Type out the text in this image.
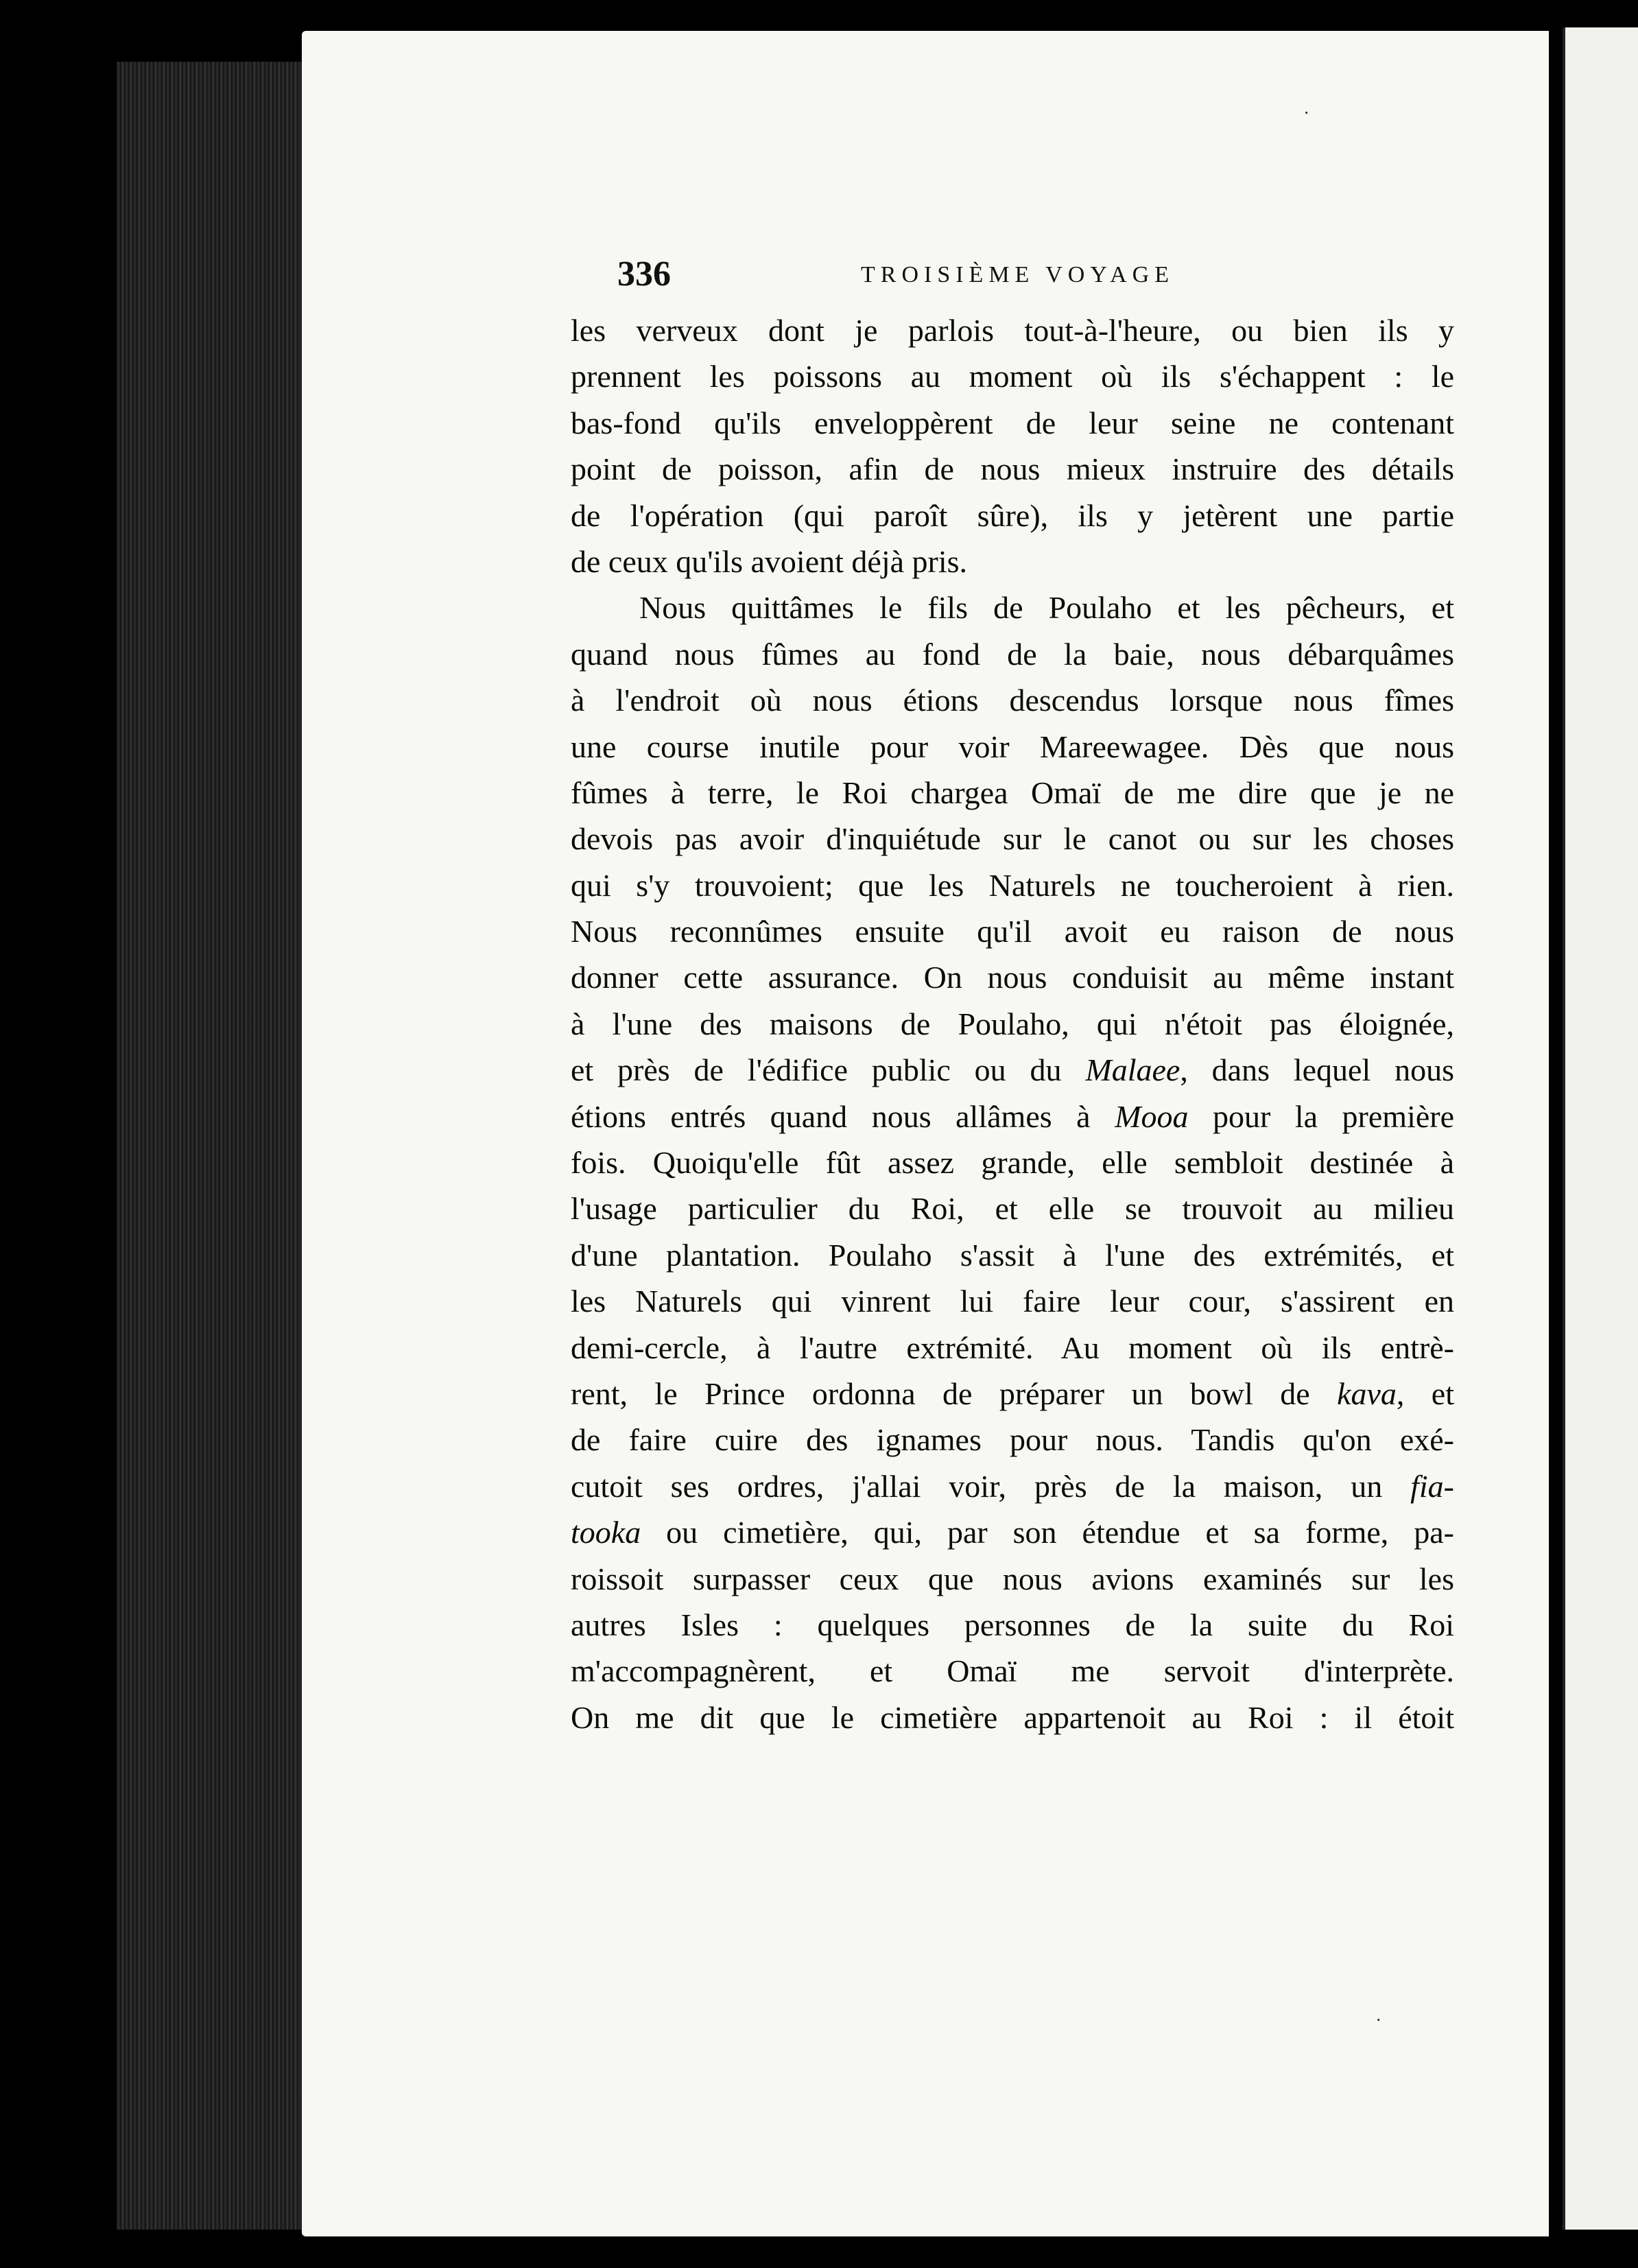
336	TROISIÈME VOYAGE
les verveux dont je parlois tout-à-l'heure, ou bien ils y
prennent les poissons au moment où ils s'échappent : le
bas-fond qu'ils enveloppèrent de leur seine ne contenant
point de poisson, afin de nous mieux instruire des détails
de l'opération (qui paroît sûre), ils y jetèrent une partie
de ceux qu'ils avoient déjà pris.
Nous quittâmes le fils de Poulaho et les pêcheurs, et
quand nous fûmes au fond de la baie, nous débarquâmes
à l'endroit où nous étions descendus lorsque nous fîmes
une course inutile pour voir Mareewagee. Dès que nous
fûmes à terre, le Roi chargea Omaï de me dire que je ne
devois pas avoir d'inquiétude sur le canot ou sur les choses
qui s'y trouvoient; que les Naturels ne toucheroient à rien.
Nous reconnûmes ensuite qu'il avoit eu raison de nous
donner cette assurance. On nous conduisit au même instant
à l'une des maisons de Poulaho, qui n'étoit pas éloignée,
et près de l'édifice public ou du Malaee, dans lequel nous
étions entrés quand nous allâmes à Mooa pour la première
fois. Quoiqu'elle fût assez grande, elle sembloit destinée à
l'usage particulier du Roi, et elle se trouvoit au milieu
d'une plantation. Poulaho s'assit à l'une des extrémités, et
les Naturels qui vinrent lui faire leur cour, s'assirent en
demi-cercle, à l'autre extrémité. Au moment où ils entrè-
rent, le Prince ordonna de préparer un bowl de kava, et
de faire cuire des ignames pour nous. Tandis qu'on exé-
cutoit ses ordres, j'allai voir, près de la maison, un fia-
tooka ou cimetière, qui, par son étendue et sa forme, pa-
roissoit surpasser ceux que nous avions examinés sur les
autres Isles : quelques personnes de la suite du Roi
m'accompagnèrent, et Omaï me servoit d'interprète.
On me dit que le cimetière appartenoit au Roi : il étoit
·
·
